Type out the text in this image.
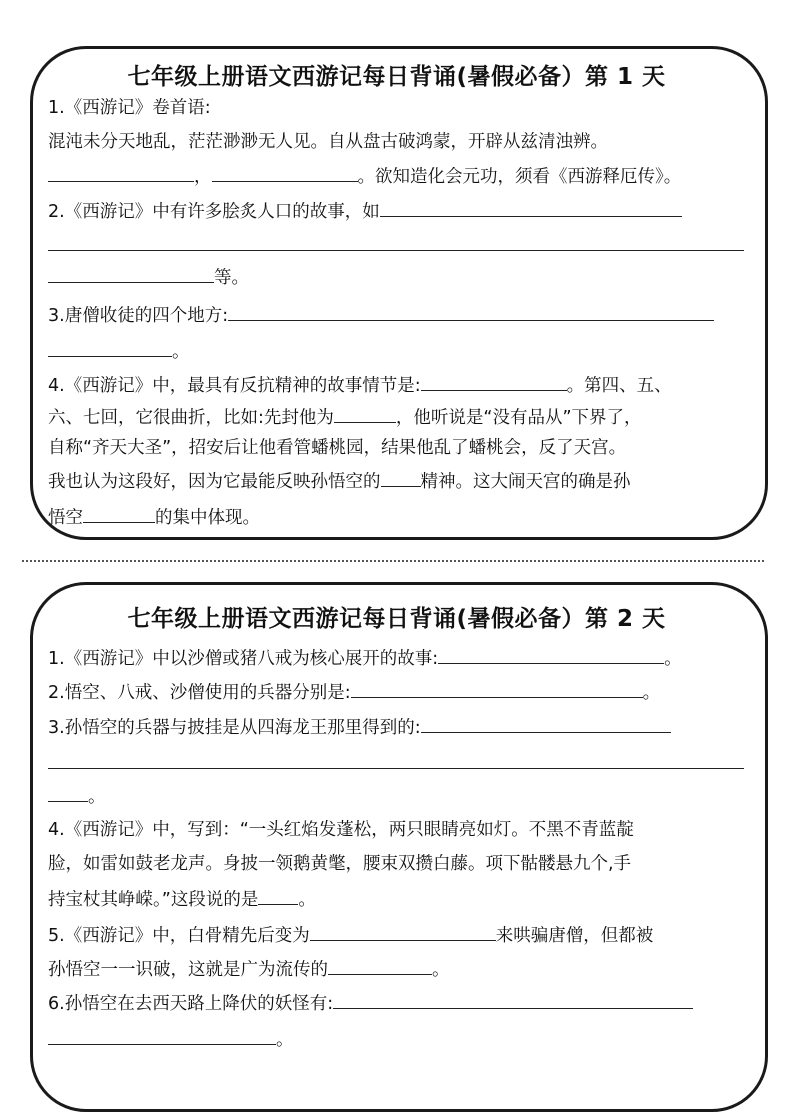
七年级上册语文西游记每日背诵(暑假必备）第 1 天
1.《西游记》卷首语:
混沌未分天地乱，茫茫渺渺无人见。自从盘古破鸿蒙，开辟从兹清浊辨。
，	。欲知造化会元功，须看《西游释厄传》。
2.《西游记》中有许多脍炙人口的故事，如
等。
3.唐僧收徒的四个地方:
。
4.《西游记》中，最具有反抗精神的故事情节是:	。第四、五、
六、七回，它很曲折，比如:先封他为	，他听说是“没有品从”下界了，
自称“齐天大圣”，招安后让他看管蟠桃园，结果他乱了蟠桃会，反了天宫。
我也认为这段好，因为它最能反映孙悟空的 精神。这大闹天宫的确是孙
悟空	的集中体现。
七年级上册语文西游记每日背诵(暑假必备）第 2 天
1.《西游记》中以沙僧或猪八戒为核心展开的故事:	。
2.悟空、八戒、沙僧使用的兵器分别是:	。
3.孙悟空的兵器与披挂是从四海龙王那里得到的:
。
4.《西游记》中，写到：“一头红焰发蓬松，两只眼睛亮如灯。不黑不青蓝靛
脸，如雷如鼓老龙声。身披一领鹅黄氅，腰束双攒白藤。项下骷髅悬九个,手
持宝杖其峥嵘。”这段说的是 。
5.《西游记》中，白骨精先后变为	来哄骗唐僧，但都被
孙悟空一一识破，这就是广为流传的	。
6.孙悟空在去西天路上降伏的妖怪有:
。
